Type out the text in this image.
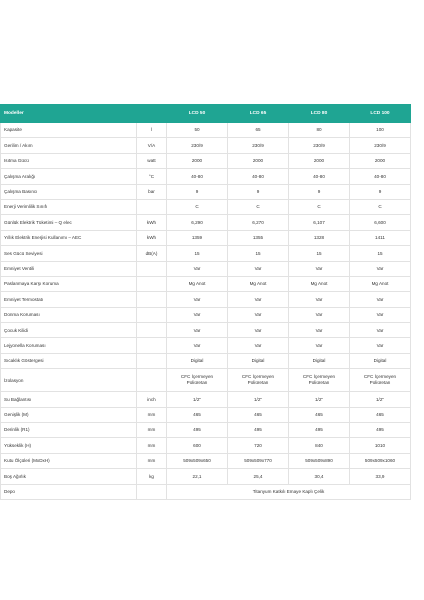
Modeller		LCD 50	LCD 65	LCD 80	LCD 100
Kapasite	l	50	65	80	100
Gerilim / Akım	V/A	230/9	230/9	230/9	230/9
Isıtma Gücü	watt	2000	2000	2000	2000
Çalışma Aralığı	°C	40-80	40-80	40-80	40-80
Çalışma Basıncı	bar	9	9	9	9
Enerji Verimlilik Sınıfı		C	C	C	C
Günlük Elektrik Tüketimi – Q elec	kWh	6,290	6,270	6,107	6,600
Yıllık Elektrik Enerjisi Kullanımı – AEC	kWh	1359	1355	1328	1411
Ses Gücü Seviyesi	dB(A)	15	15	15	15
Emniyet Ventili		Var	Var	Var	Var
Paslanmaya Karşı Koruma		Mg Anot	Mg Anot	Mg Anot	Mg Anot
Emniyet Termostatı		Var	Var	Var	Var
Donma Koruması		Var	Var	Var	Var
Çocuk Kilidi		Var	Var	Var	Var
Lejyonella Koruması		Var	Var	Var	Var
Sıcaklık Göstergesi		Digital	Digital	Digital	Digital
İzolasyon		CFC İçermeyen Poliüretan	CFC İçermeyen Poliüretan	CFC İçermeyen Poliüretan	CFC İçermeyen Poliüretan
Su Bağlantısı	inch	1/2"	1/2"	1/2"	1/2"
Genişlik (M)	mm	465	465	465	465
Derinlik (R1)	mm	495	495	495	495
Yükseklik (H)	mm	600	720	840	1010
Kutu Ölçüleri (MxDxH)	mm	509x509x650	509x509x770	509x509x890	509x509x1060
Boş Ağırlık	kg	22,1	25,4	30,4	33,9
Depo		Titanyum Katkılı Emaye Kaplı Çelik			
